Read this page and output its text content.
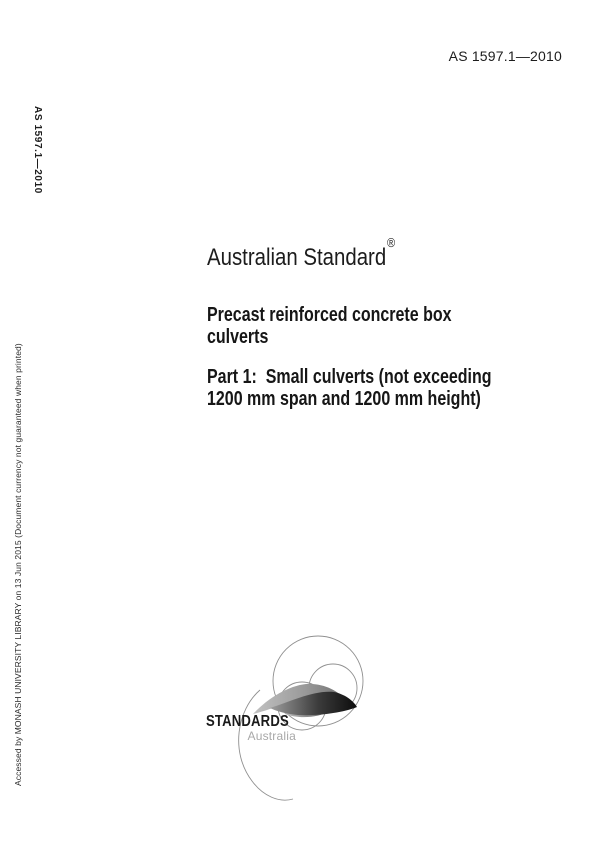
AS 1597.1—2010
AS 1597.1—2010
Accessed by MONASH UNIVERSITY LIBRARY on 13 Jun 2015 (Document currency not guaranteed when printed)
Australian Standard®
Precast reinforced concrete box
culverts
Part 1:  Small culverts (not exceeding
1200 mm span and 1200 mm height)
STANDARDS
Australia
